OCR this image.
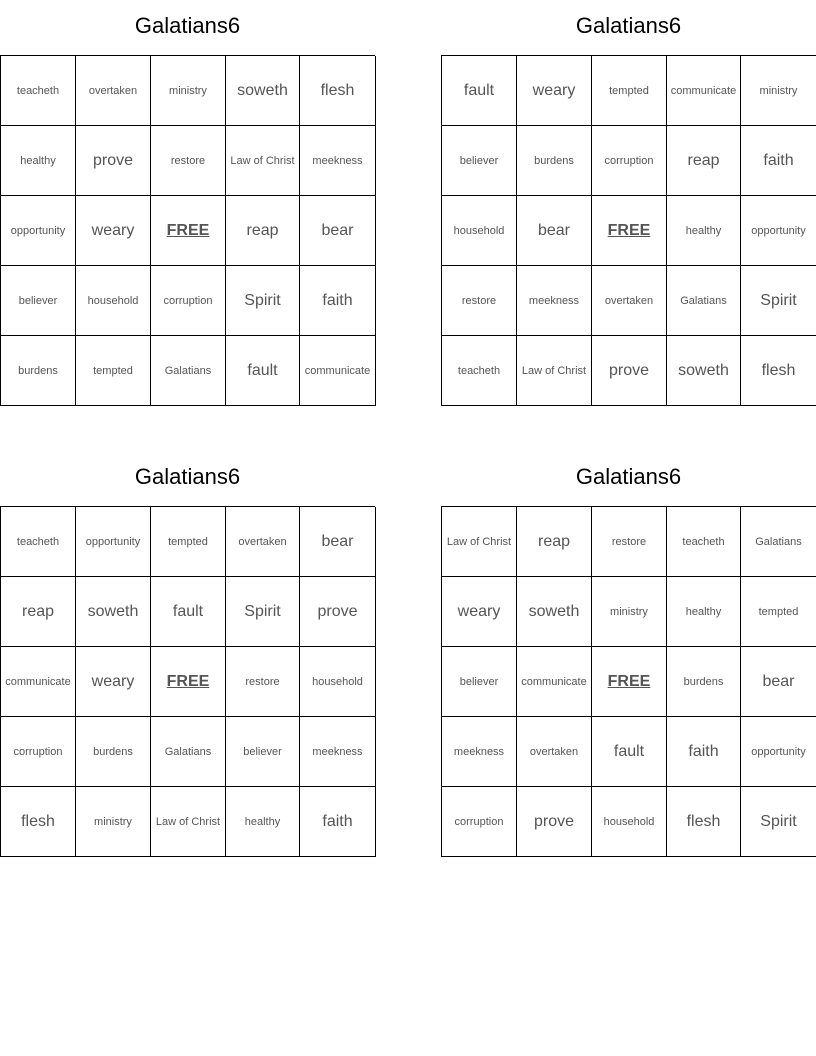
Galatians6
teacheth	overtaken	ministry	soweth	flesh
healthy	prove	restore	Law of Christ	meekness
opportunity	weary	FREE	reap	bear
believer	household	corruption	Spirit	faith
burdens	tempted	Galatians	fault	communicate
Galatians6
fault	weary	tempted	communicate	ministry
believer	burdens	corruption	reap	faith
household	bear	FREE	healthy	opportunity
restore	meekness	overtaken	Galatians	Spirit
teacheth	Law of Christ	prove	soweth	flesh
Galatians6
teacheth	opportunity	tempted	overtaken	bear
reap	soweth	fault	Spirit	prove
communicate	weary	FREE	restore	household
corruption	burdens	Galatians	believer	meekness
flesh	ministry	Law of Christ	healthy	faith
Galatians6
Law of Christ	reap	restore	teacheth	Galatians
weary	soweth	ministry	healthy	tempted
believer	communicate	FREE	burdens	bear
meekness	overtaken	fault	faith	opportunity
corruption	prove	household	flesh	Spirit
